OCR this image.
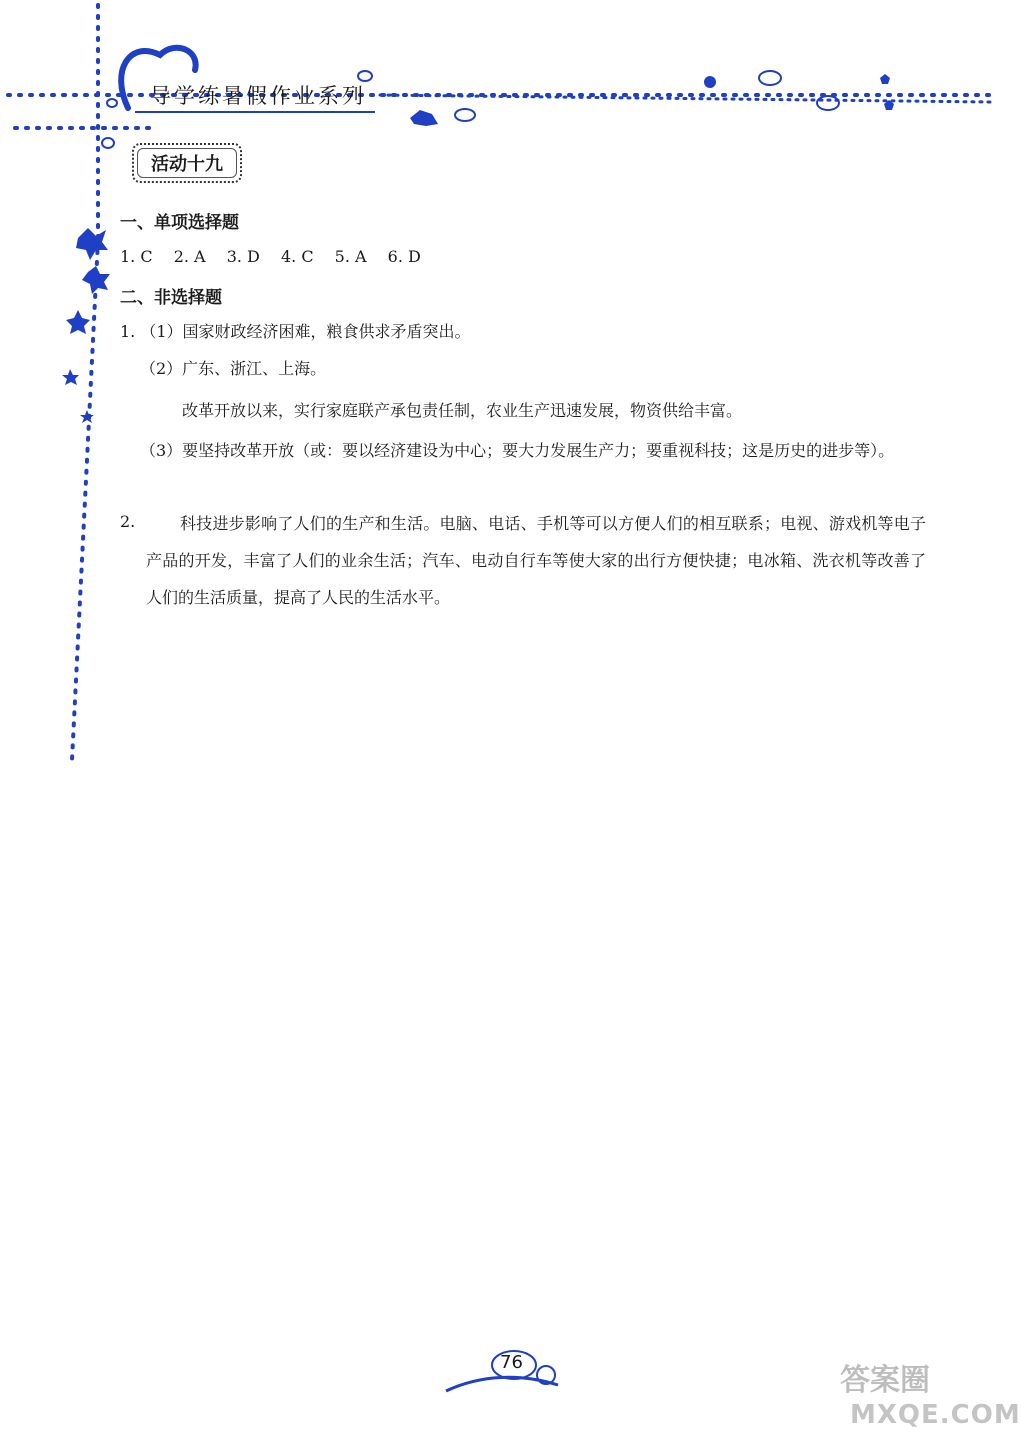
导学练暑假作业系列
活动十九
一、单项选择题
1. C 2. A 3. D 4. C 5. A 6. D
二、非选择题
1. （1）国家财政经济困难，粮食供求矛盾突出。
（2）广东、浙江、上海。
改革开放以来，实行家庭联产承包责任制，农业生产迅速发展，物资供给丰富。
（3）要坚持改革开放（或：要以经济建设为中心；要大力发展生产力；要重视科技；这是历史的进步等）。
2.	科技进步影响了人们的生产和生活。电脑、电话、手机等可以方便人们的相互联系；电视、游戏机等电子产品的开发，丰富了人们的业余生活；汽车、电动自行车等使大家的出行方便快捷；电冰箱、洗衣机等改善了人们的生活质量，提高了人民的生活水平。
76
答案圈
MXQE.COM
